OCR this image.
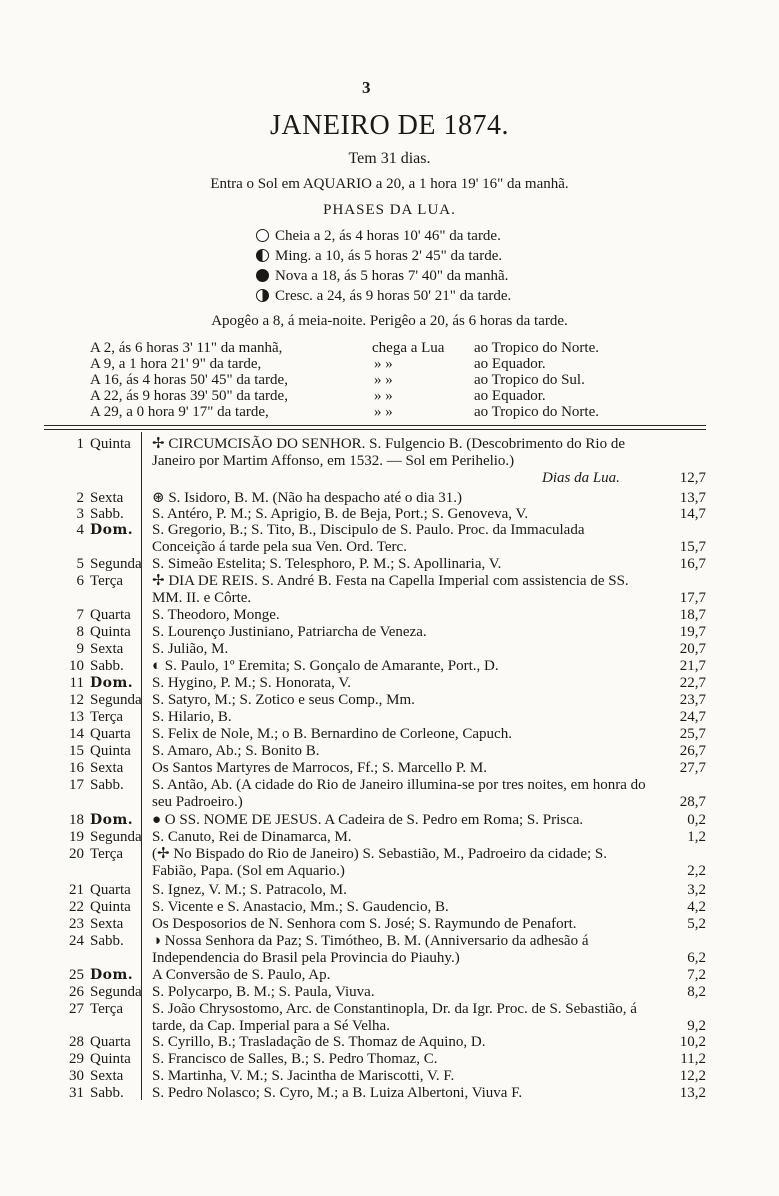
3
JANEIRO DE 1874.
Tem 31 dias.
Entra o Sol em AQUARIO a 20, a 1 hora 19' 16" da manhã.
PHASES DA LUA.
Cheia a 2, ás 4 horas 10' 46" da tarde.
Ming. a 10, ás 5 horas 2' 45" da tarde.
Nova a 18, ás 5 horas 7' 40" da manhã.
Cresc. a 24, ás 9 horas 50' 21" da tarde.
Apogêo a 8, á meia-noite. Perigêo a 20, ás 6 horas da tarde.
A 2, ás 6 horas 3' 11" da manhã,	chega a Lua ao Tropico do Norte.
A 9, a 1 hora 21' 9" da tarde,	» »	ao Equador.
A 16, ás 4 horas 50' 45" da tarde,	» »	ao Tropico do Sul.
A 22, ás 9 horas 39' 50" da tarde,	» »	ao Equador.
A 29, a 0 hora 9' 17" da tarde,	» »	ao Tropico do Norte.
1 Quinta ✢ CIRCUMCISÃO DO SENHOR. S. Fulgencio B. (Descobrimento do Rio de Janeiro por Martim Affonso, em 1532. — Sol em Perihelio.)
Dias da Lua.	12,7
2 Sexta ⊛ S. Isidoro, B. M. (Não ha despacho até o dia 31.)	13,7
3 Sabb. S. Antéro, P. M.; S. Aprigio, B. de Beja, Port.; S. Genoveva, V.	14,7
4 Dom. S. Gregorio, B.; S. Tito, B., Discipulo de S. Paulo. Proc. da Immaculada Conceição á tarde pela sua Ven. Ord. Terc.	15,7
5 Segunda S. Simeão Estelita; S. Telesphoro, P. M.; S. Apollinaria, V.	16,7
6 Terça ✢ DIA DE REIS. S. André B. Festa na Capella Imperial com assistencia de SS. MM. II. e Côrte.	17,7
7 Quarta S. Theodoro, Monge.	18,7
8 Quinta S. Lourenço Justiniano, Patriarcha de Veneza.	19,7
9 Sexta S. Julião, M.	20,7
10 Sabb. ◐ S. Paulo, 1º Eremita; S. Gonçalo de Amarante, Port., D.	21,7
11 Dom. S. Hygino, P. M.; S. Honorata, V.	22,7
12 Segunda S. Satyro, M.; S. Zotico e seus Comp., Mm.	23,7
13 Terça S. Hilario, B.	24,7
14 Quarta S. Felix de Nole, M.; o B. Bernardino de Corleone, Capuch.	25,7
15 Quinta S. Amaro, Ab.; S. Bonito B.	26,7
16 Sexta Os Santos Martyres de Marrocos, Ff.; S. Marcello P. M.	27,7
17 Sabb. S. Antão, Ab. (A cidade do Rio de Janeiro illumina-se por tres noites, em honra do seu Padroeiro.)	28,7
18 Dom. ● O SS. NOME DE JESUS. A Cadeira de S. Pedro em Roma; S. Prisca.	0,2
19 Segunda S. Canuto, Rei de Dinamarca, M.	1,2
20 Terça (✢ No Bispado do Rio de Janeiro) S. Sebastião, M., Padroeiro da cidade; S. Fabião, Papa. (Sol em Aquario.)	2,2
21 Quarta S. Ignez, V. M.; S. Patracolo, M.	3,2
22 Quinta S. Vicente e S. Anastacio, Mm.; S. Gaudencio, B.	4,2
23 Sexta Os Desposorios de N. Senhora com S. José; S. Raymundo de Penafort.	5,2
24 Sabb. ◑ Nossa Senhora da Paz; S. Timótheo, B. M. (Anniversario da adhesão á Independencia do Brasil pela Provincia do Piauhy.)	6,2
25 Dom. A Conversão de S. Paulo, Ap.	7,2
26 Segunda S. Polycarpo, B. M.; S. Paula, Viuva.	8,2
27 Terça S. João Chrysostomo, Arc. de Constantinopla, Dr. da Igr. Proc. de S. Sebastião, á tarde, da Cap. Imperial para a Sé Velha.	9,2
28 Quarta S. Cyrillo, B.; Trasladação de S. Thomaz de Aquino, D.	10,2
29 Quinta S. Francisco de Salles, B.; S. Pedro Thomaz, C.	11,2
30 Sexta S. Martinha, V. M.; S. Jacintha de Mariscotti, V. F.	12,2
31 Sabb. S. Pedro Nolasco; S. Cyro, M.; a B. Luiza Albertoni, Viuva F.	13,2
